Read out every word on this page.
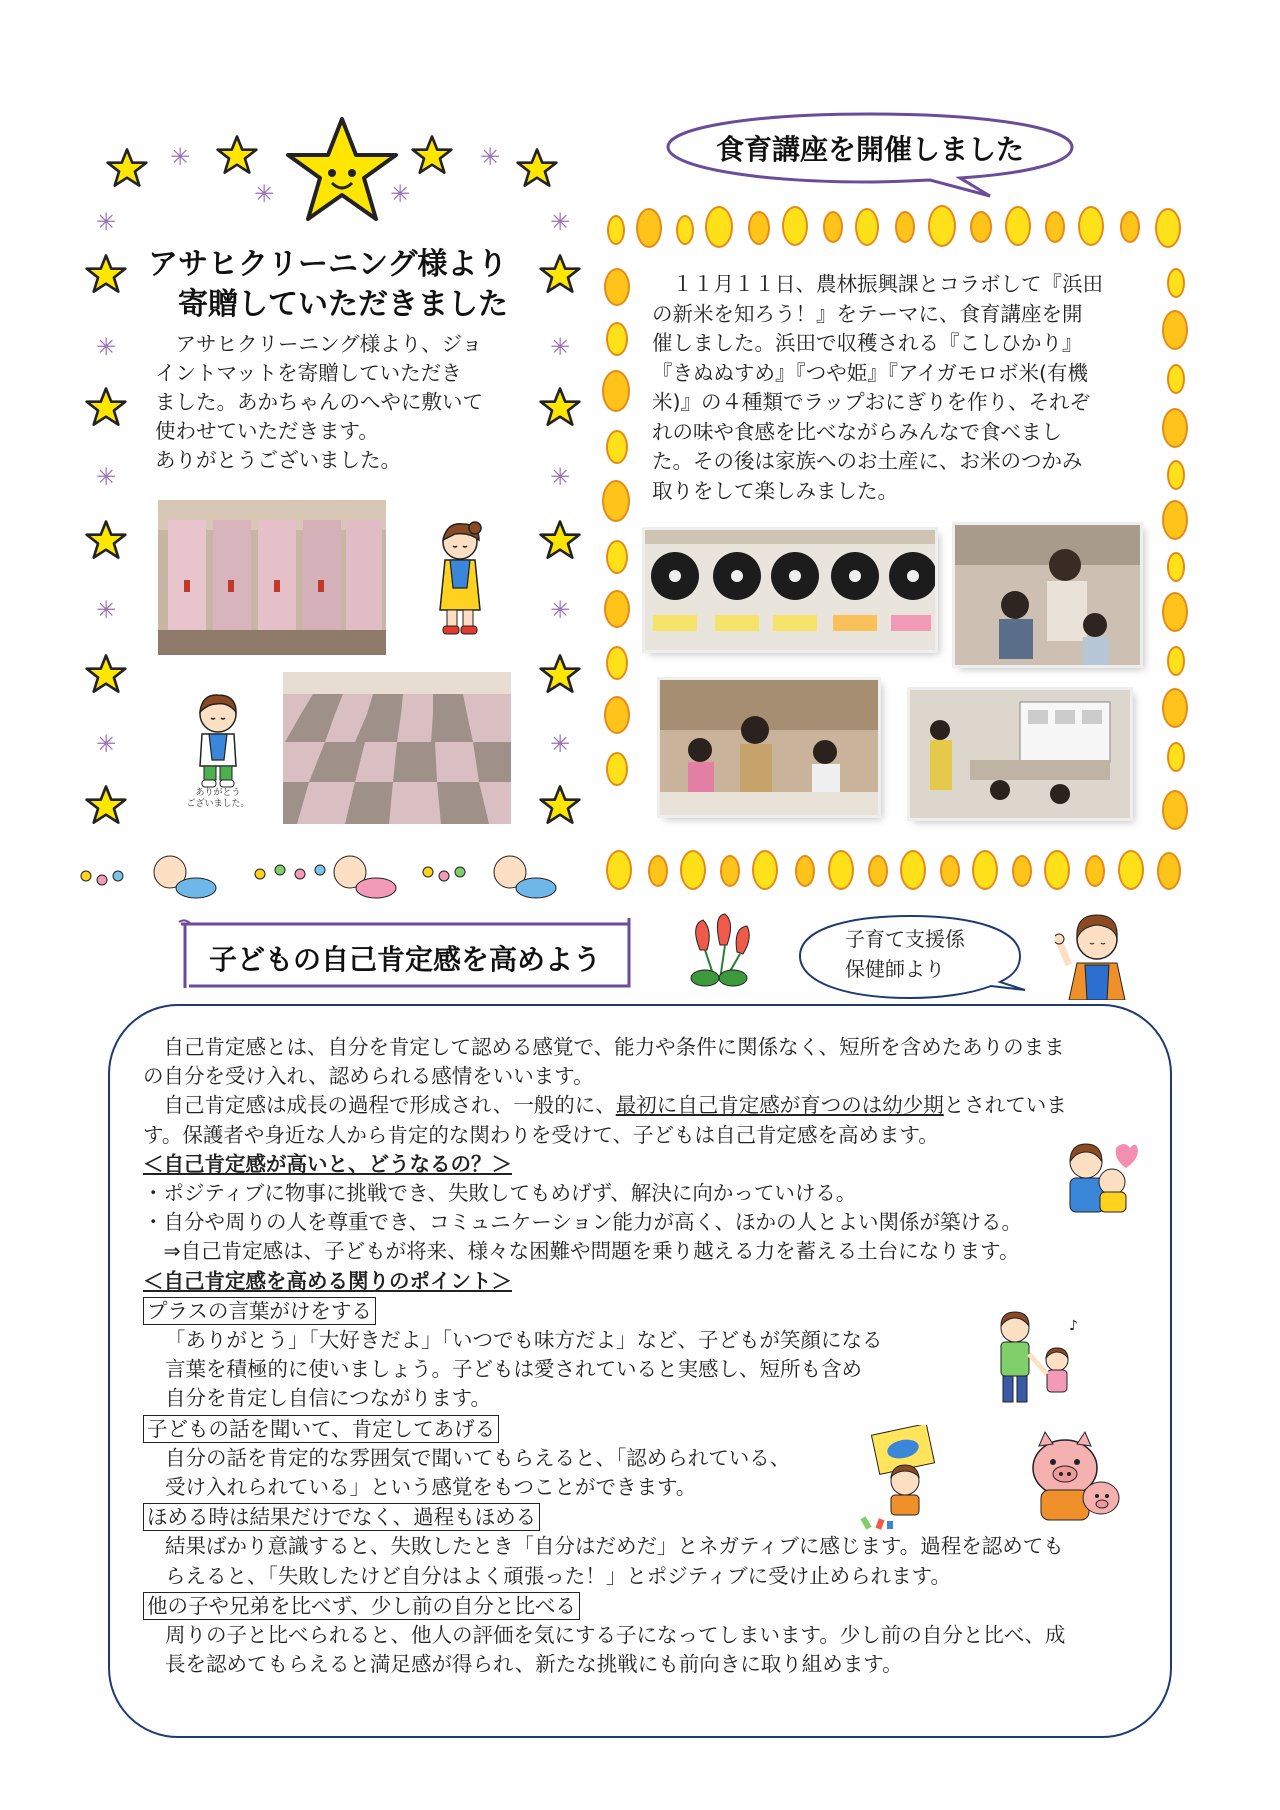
✳
✳	✳
✳
✳
✳
✳
✳
✳
✳
✳
✳
✳
✳
アサヒクリーニング様より
寄贈していただきました

　アサヒクリーニング様より、ジョ

イントマットを寄贈していただき

ました。あかちゃんのへやに敷いて

使わせていただきます。

ありがとうございました。

ありがとう
ございました。
食育講座を開催しました
　１１月１１日、農林振興課とコラボして『浜田
の新米を知ろう！』をテーマに、食育講座を開
催しました。浜田で収穫される『こしひかり』
『きぬぬすめ』『つや姫』『アイガモロボ米(有機
米)』の４種類でラップおにぎりを作り、それぞ
れの味や食感を比べながらみんなで食べまし
た。その後は家族へのお土産に、お米のつかみ
取りをして楽しみました。
子どもの自己肯定感を高めよう
子育て支援係
保健師より

　自己肯定感とは、自分を肯定して認める感覚で、能力や条件に関係なく、短所を含めたありのまま

の自分を受け入れ、認められる感情をいいます。

　自己肯定感は成長の過程で形成され、一般的に、最初に自己肯定感が育つのは幼少期とされていま

す。保護者や身近な人から肯定的な関わりを受けて、子どもは自己肯定感を高めます。

＜自己肯定感が高いと、どうなるの？＞

・ポジティブに物事に挑戦でき、失敗してもめげず、解決に向かっていける。

・自分や周りの人を尊重でき、コミュニケーション能力が高く、ほかの人とよい関係が築ける。

　⇒自己肯定感は、子どもが将来、様々な困難や問題を乗り越える力を蓄える土台になります。

＜自己肯定感を高める関りのポイント＞

プラスの言葉がけをする

「ありがとう」「大好きだよ」「いつでも味方だよ」など、子どもが笑顔になる

言葉を積極的に使いましょう。子どもは愛されていると実感し、短所も含め

自分を肯定し自信につながります。

子どもの話を聞いて、肯定してあげる

自分の話を肯定的な雰囲気で聞いてもらえると、「認められている、

受け入れられている」という感覚をもつことができます。

ほめる時は結果だけでなく、過程もほめる

結果ばかり意識すると、失敗したとき「自分はだめだ」とネガティブに感じます。過程を認めても

らえると、「失敗したけど自分はよく頑張った！」とポジティブに受け止められます。

他の子や兄弟を比べず、少し前の自分と比べる

周りの子と比べられると、他人の評価を気にする子になってしまいます。少し前の自分と比べ、成

長を認めてもらえると満足感が得られ、新たな挑戦にも前向きに取り組めます。

♪
